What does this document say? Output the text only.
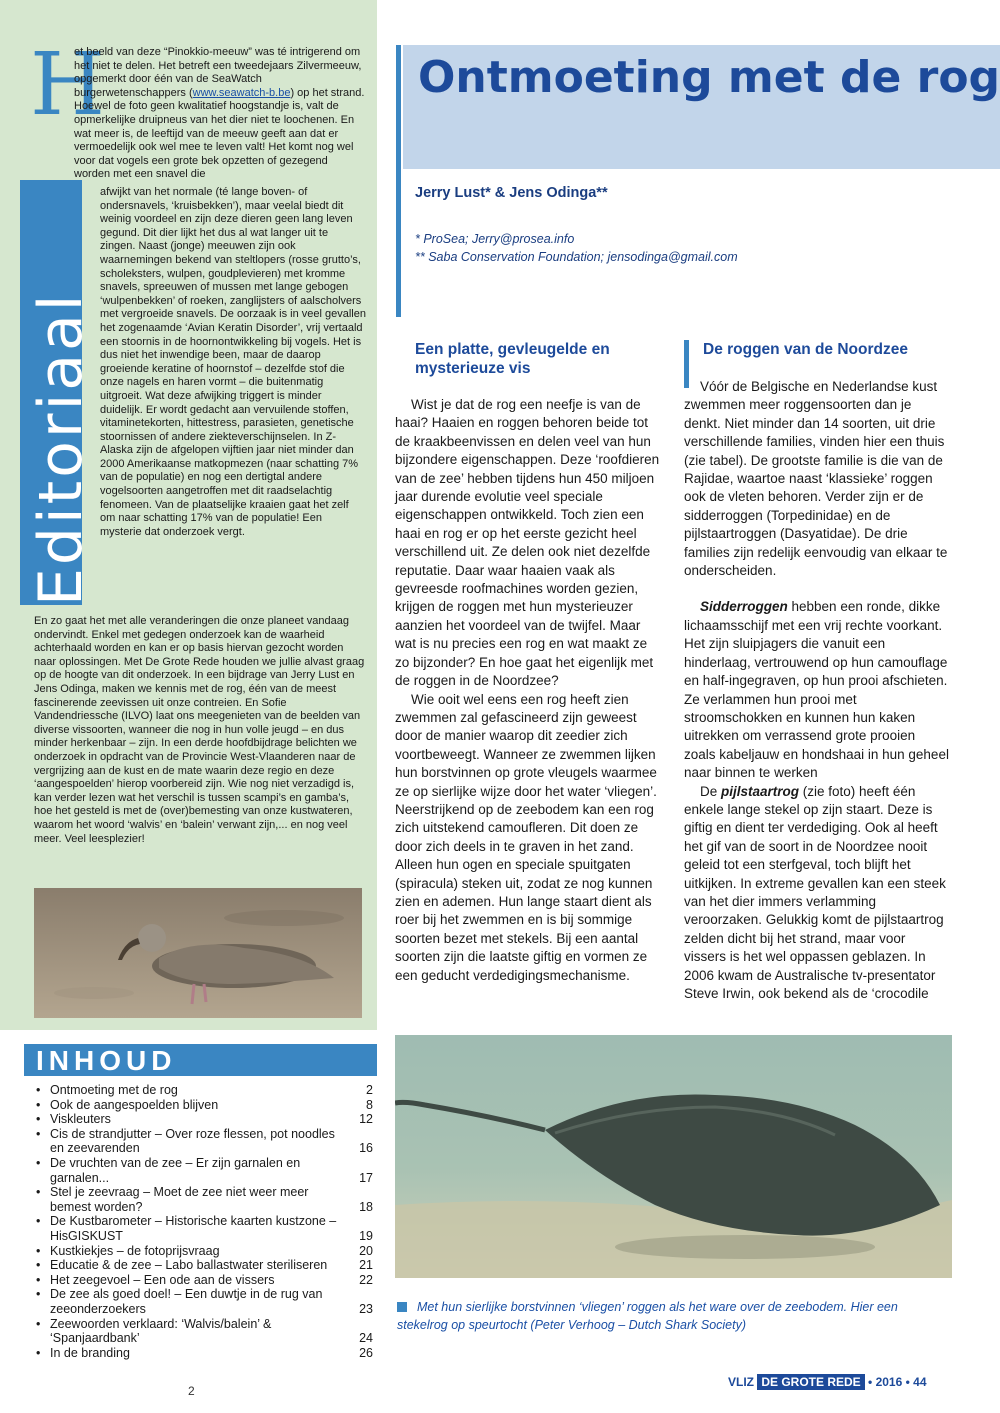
Editoriaal
H
et beeld van deze “Pinokkio-meeuw” was té intrigerend om het niet te delen. Het betreft een tweedejaars Zilvermeeuw, opgemerkt door één van de SeaWatch burgerwetenschappers (www.seawatch-b.be) op het strand. Hoewel de foto geen kwalitatief hoogstandje is, valt de opmerkelijke druipneus van het dier niet te loochenen. En wat meer is, de leeftijd van de meeuw geeft aan dat er vermoedelijk ook wel mee te leven valt! Het komt nog wel voor dat vogels een grote bek opzetten of gezegend worden met een snavel die
afwijkt van het normale (té lange boven- of ondersnavels, ‘kruisbekken’), maar veelal biedt dit weinig voordeel en zijn deze dieren geen lang leven gegund. Dit dier lijkt het dus al wat langer uit te zingen. Naast (jonge) meeuwen zijn ook waarnemingen bekend van steltlopers (rosse grutto’s, scholeksters, wulpen, goudplevieren) met kromme snavels, spreeuwen of mussen met lange gebogen ‘wulpenbekken’ of roeken, zanglijsters of aalscholvers met vergroeide snavels. De oorzaak is in veel gevallen het zogenaamde ‘Avian Keratin Disorder’, vrij vertaald een stoornis in de hoornontwikkeling bij vogels. Het is dus niet het inwendige been, maar de daarop groeiende keratine of hoornstof – dezelfde stof die onze nagels en haren vormt – die buitenmatig uitgroeit. Wat deze afwijking triggert is minder duidelijk. Er wordt gedacht aan vervuilende stoffen, vitaminetekorten, hittestress, parasieten, genetische stoornissen of andere ziekteverschijnselen. In Z-Alaska zijn de afgelopen vijftien jaar niet minder dan 2000 Amerikaanse matkopmezen (naar schatting 7% van de populatie) en nog een dertigtal andere vogelsoorten aangetroffen met dit raadselachtig fenomeen. Van de plaatselijke kraaien gaat het zelf om naar schatting 17% van de populatie! Een mysterie dat onderzoek vergt.
En zo gaat het met alle veranderingen die onze planeet vandaag ondervindt. Enkel met gedegen onderzoek kan de waarheid achterhaald worden en kan er op basis hiervan gezocht worden naar oplossingen. Met De Grote Rede houden we jullie alvast graag op de hoogte van dit onderzoek. In een bijdrage van Jerry Lust en Jens Odinga, maken we kennis met de rog, één van de meest fascinerende zeevissen uit onze contreien. En Sofie Vandendriessche (ILVO) laat ons meegenieten van de beelden van diverse vissoorten, wanneer die nog in hun volle jeugd – en dus minder herkenbaar – zijn. In een derde hoofdbijdrage belichten we onderzoek in opdracht van de Provincie West-Vlaanderen naar de vergrijzing aan de kust en de mate waarin deze regio en deze ‘aangespoelden’ hierop voorbereid zijn. Wie nog niet verzadigd is, kan verder lezen wat het verschil is tussen scampi’s en gamba’s, hoe het gesteld is met de (over)bemesting van onze kustwateren, waarom het woord ‘walvis’ en ‘balein’ verwant zijn,... en nog veel meer. Veel leesplezier!
INHOUD
• Ontmoeting met de rog	2
• Ook de aangespoelden blijven	8
• Viskleuters	12
• Cis de strandjutter – Over roze flessen, pot noodles en zeevarenden	16
• De vruchten van de zee – Er zijn garnalen en garnalen...	17
• Stel je zeevraag – Moet de zee niet weer meer bemest worden?	18
• De Kustbarometer – Historische kaarten kustzone – HisGISKUST	19
• Kustkiekjes – de fotoprijsvraag	20
• Educatie & de zee – Labo ballastwater steriliseren	21
• Het zeegevoel – Een ode aan de vissers	22
• De zee als goed doel! – Een duwtje in de rug van zeeonderzoekers	23
• Zeewoorden verklaard: ‘Walvis/balein’ & ‘Spanjaardbank’	24
• In de branding	26
2
Ontmoeting met de rog
Jerry Lust* & Jens Odinga**
* ProSea; Jerry@prosea.info
** Saba Conservation Foundation; jensodinga@gmail.com
Een platte, gevleugelde en mysterieuze vis
De roggen van de Noordzee

Wist je dat de rog een neefje is van de haai? Haaien en roggen behoren beide tot de kraakbeenvissen en delen veel van hun bijzondere eigenschappen. Deze ‘roofdieren van de zee’ hebben tijdens hun 450 miljoen jaar durende evolutie veel speciale eigenschappen ontwikkeld. Toch zien een haai en rog er op het eerste gezicht heel verschillend uit. Ze delen ook niet dezelfde reputatie. Daar waar haaien vaak als gevreesde roofmachines worden gezien, krijgen de roggen met hun mysterieuzer aanzien het voordeel van de twijfel. Maar wat is nu precies een rog en wat maakt ze zo bijzonder? En hoe gaat het eigenlijk met de roggen in de Noordzee?

Wie ooit wel eens een rog heeft zien zwemmen zal gefascineerd zijn geweest door de manier waarop dit zeedier zich voortbeweegt. Wanneer ze zwemmen lijken hun borstvinnen op grote vleugels waarmee ze op sierlijke wijze door het water ‘vliegen’. Neerstrijkend op de zeebodem kan een rog zich uitstekend camoufleren. Dit doen ze door zich deels in te graven in het zand. Alleen hun ogen en speciale spuitgaten (spiracula) steken uit, zodat ze nog kunnen zien en ademen. Hun lange staart dient als roer bij het zwemmen en is bij sommige soorten bezet met stekels. Bij een aantal soorten zijn die laatste giftig en vormen ze een geducht verdedigingsmechanisme.

Vóór de Belgische en Nederlandse kust zwemmen meer roggensoorten dan je denkt. Niet minder dan 14 soorten, uit drie verschillende families, vinden hier een thuis (zie tabel). De grootste familie is die van de Rajidae, waartoe naast ‘klassieke’ roggen ook de vleten behoren. Verder zijn er de sidderroggen (Torpedinidae) en de pijlstaartroggen (Dasyatidae). De drie families zijn redelijk eenvoudig van elkaar te onderscheiden.

Sidderroggen hebben een ronde, dikke lichaamsschijf met een vrij rechte voorkant. Het zijn sluipjagers die vanuit een hinderlaag, vertrouwend op hun camouflage en half-ingegraven, op hun prooi afschieten. Ze verlammen hun prooi met stroomschokken en kunnen hun kaken uitrekken om verrassend grote prooien zoals kabeljauw en hondshaai in hun geheel naar binnen te werken

De pijlstaartrog (zie foto) heeft één enkele lange stekel op zijn staart. Deze is giftig en dient ter verdediging. Ook al heeft het gif van de soort in de Noordzee nooit geleid tot een sterfgeval, toch blijft het uitkijken. In extreme gevallen kan een steek van het dier immers verlamming veroorzaken. Gelukkig komt de pijlstaartrog zelden dicht bij het strand, maar voor vissers is het wel oppassen geblazen. In 2006 kwam de Australische tv-presentator Steve Irwin, ook bekend als de ‘crocodile

Met hun sierlijke borstvinnen ‘vliegen’ roggen als het ware over de zeebodem. Hier een stekelrog op speurtocht (Peter Verhoog – Dutch Shark Society)

VLIZ DE GROTE REDE • 2016 • 44
